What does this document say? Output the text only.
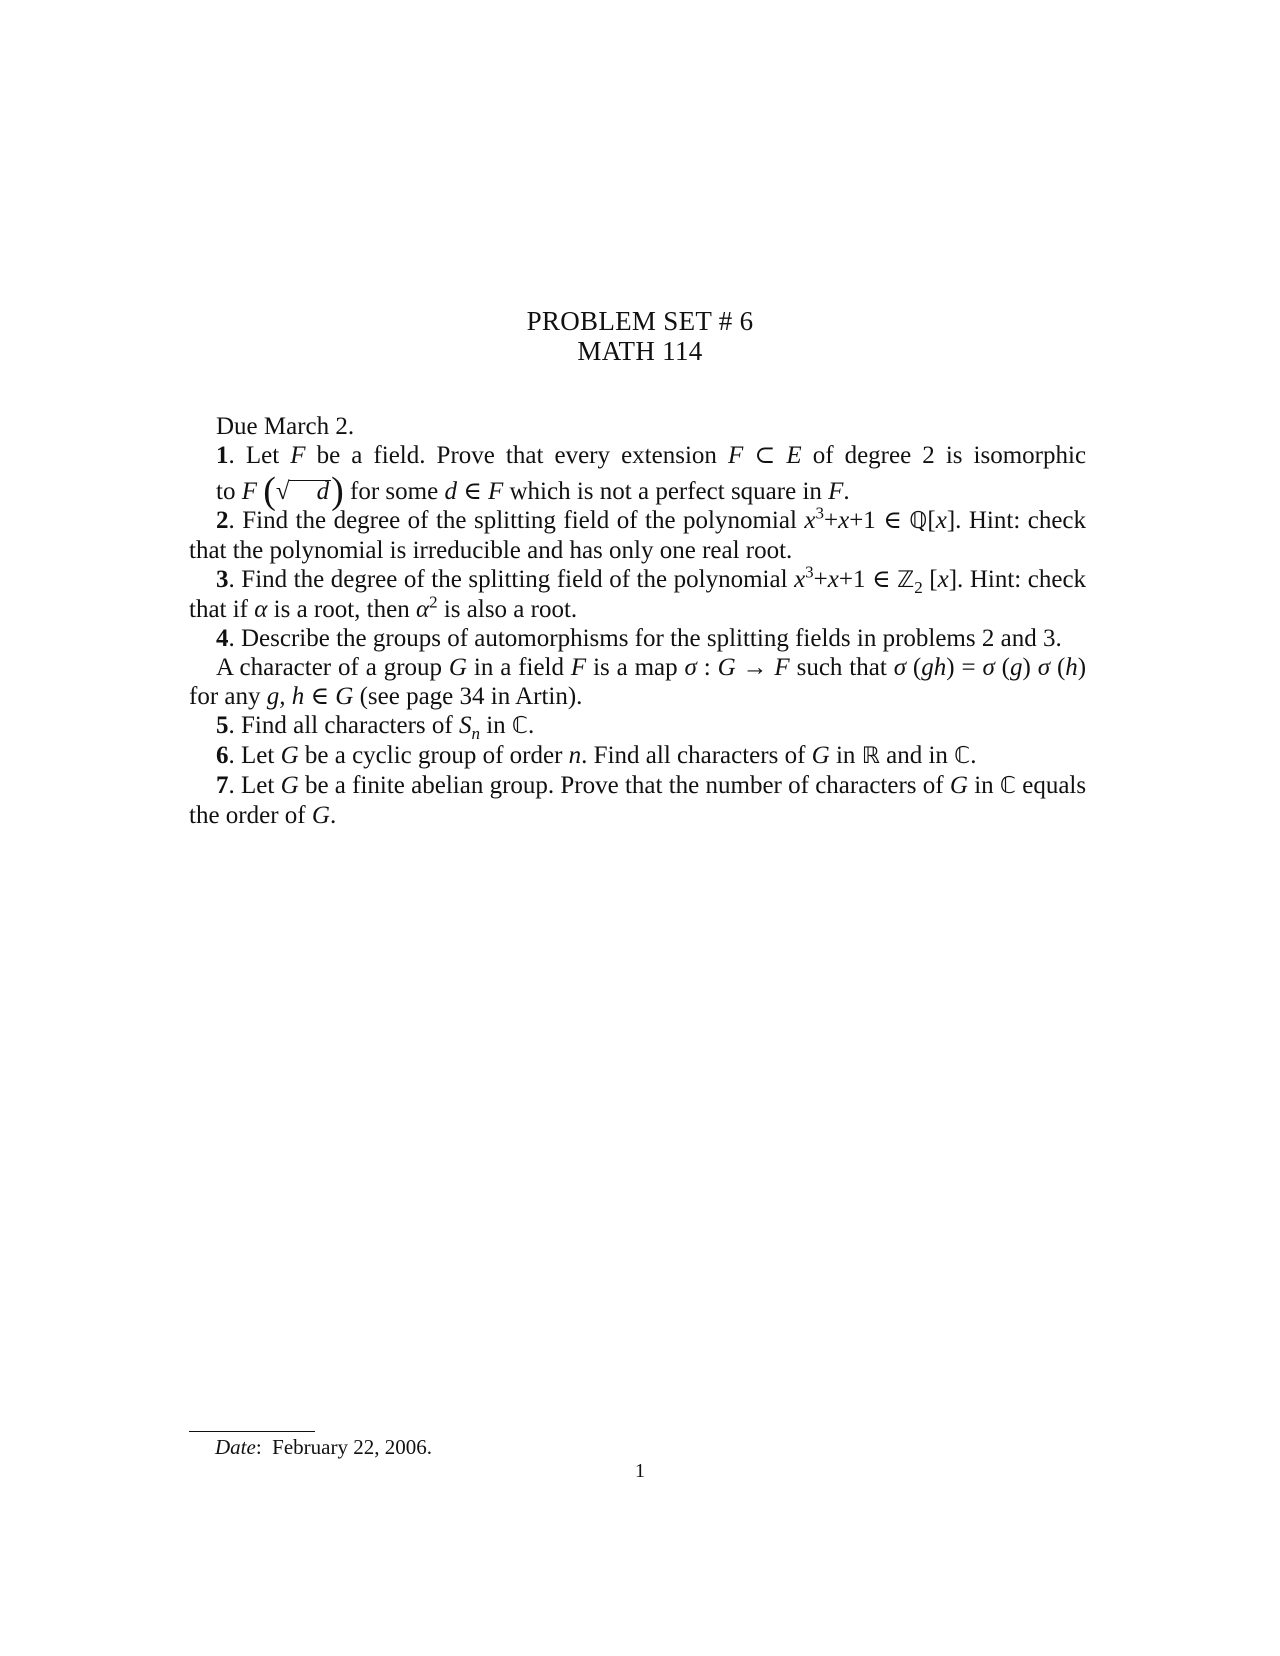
PROBLEM SET # 6
MATH 114

Due March 2.

1. Let F be a field. Prove that every extension F ⊂ E of degree 2 is isomorphic to F (√ d) for some d ∈ F which is not a perfect square in F.

2. Find the degree of the splitting field of the polynomial $x^3+x+1$ ∈ ℚ[x]. Hint: check that the polynomial is irreducible and has only one real root.

3. Find the degree of the splitting field of the polynomial $x^3+x+1$ ∈ ℤ$_2$ [x]. Hint: check that if α is a root, then $\alpha^2$ is also a root.

4. Describe the groups of automorphisms for the splitting fields in problems 2 and 3.

A character of a group G in a field F is a map σ : G → F such that σ (gh) = σ (g) σ (h) for any g, h ∈ G (see page 34 in Artin).

5. Find all characters of $S_n$ in ℂ.

6. Let G be a cyclic group of order n. Find all characters of G in ℝ and in ℂ.

7. Let G be a finite abelian group. Prove that the number of characters of G in ℂ equals the order of G.

Date:  February 22, 2006.
1
